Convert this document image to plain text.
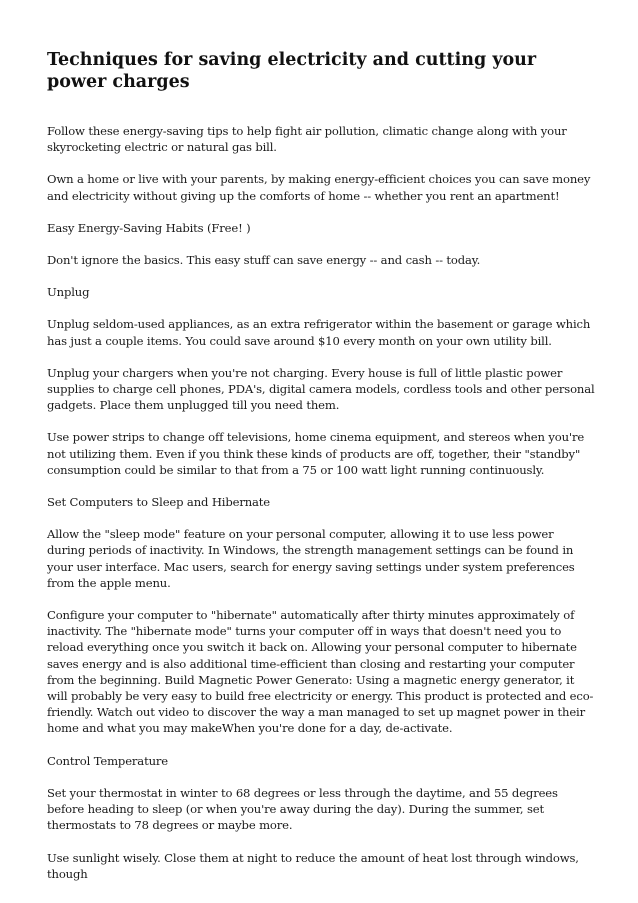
Techniques for saving electricity and cutting your power charges

Follow these energy-saving tips to help fight air pollution, climatic change along with your skyrocketing electric or natural gas bill.

Own a home or live with your parents, by making energy-efficient choices you can save money and electricity without giving up the comforts of home -- whether you rent an apartment!

Easy Energy-Saving Habits (Free! )

Don't ignore the basics. This easy stuff can save energy -- and cash -- today.

Unplug

Unplug seldom-used appliances, as an extra refrigerator within the basement or garage which has just a couple items. You could save around $10 every month on your own utility bill.

Unplug your chargers when you're not charging. Every house is full of little plastic power supplies to charge cell phones, PDA's, digital camera models, cordless tools and other personal gadgets. Place them unplugged till you need them.

Use power strips to change off televisions, home cinema equipment, and stereos when you're not utilizing them. Even if you think these kinds of products are off, together, their "standby" consumption could be similar to that from a 75 or 100 watt light running continuously.

Set Computers to Sleep and Hibernate

Allow the "sleep mode" feature on your personal computer, allowing it to use less power during periods of inactivity. In Windows, the strength management settings can be found in your user interface. Mac users, search for energy saving settings under system preferences from the apple menu.

Configure your computer to "hibernate" automatically after thirty minutes approximately of inactivity. The "hibernate mode" turns your computer off in ways that doesn't need you to reload everything once you switch it back on. Allowing your personal computer to hibernate saves energy and is also additional time-efficient than closing and restarting your computer from the beginning. Build Magnetic Power Generato: Using a magnetic energy generator, it will probably be very easy to build free electricity or energy. This product is protected and eco-friendly. Watch out video to discover the way a man managed to set up magnet power in their home and what you may makeWhen you're done for a day, de-activate.

Control Temperature

Set your thermostat in winter to 68 degrees or less through the daytime, and 55 degrees before heading to sleep (or when you're away during the day). During the summer, set thermostats to 78 degrees or maybe more.

Use sunlight wisely. Close them at night to reduce the amount of heat lost through windows, though
